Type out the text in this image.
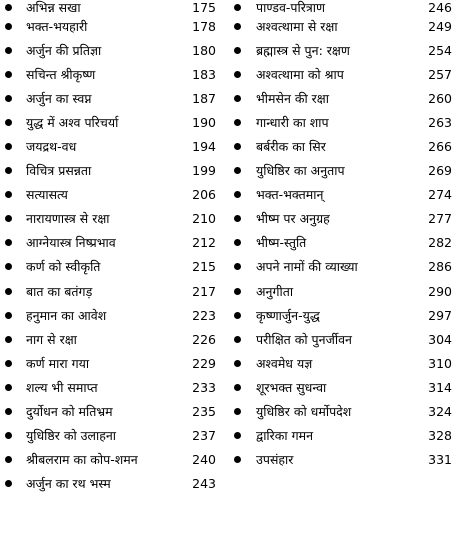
अभिन्न सखा	175
भक्त-भयहारी	178
अर्जुन की प्रतिज्ञा	180
सचिन्त श्रीकृष्ण	183
अर्जुन का स्वप्न	187
युद्ध में अश्व परिचर्या	190
जयद्रथ-वध	194
विचित्र प्रसन्नता	199
सत्यासत्य	206
नारायणास्त्र से रक्षा	210
आग्नेयास्त्र निष्प्रभाव	212
कर्ण को स्वीकृति	215
बात का बतंगड़	217
हनुमान का आवेश	223
नाग से रक्षा	226
कर्ण मारा गया	229
शल्य भी समाप्त	233
दुर्योधन को मतिभ्रम	235
युधिष्ठिर को उलाहना	237
श्रीबलराम का कोप-शमन	240
अर्जुन का रथ भस्म	243
पाण्डव-परित्राण	246
अश्वत्थामा से रक्षा	249
ब्रह्मास्त्र से पुन: रक्षण	254
अश्वत्थामा को श्राप	257
भीमसेन की रक्षा	260
गान्धारी का शाप	263
बर्बरीक का सिर	266
युधिष्ठिर का अनुताप	269
भक्त-भक्तमान्	274
भीष्म पर अनुग्रह	277
भीष्म-स्तुति	282
अपने नामों की व्याख्या	286
अनुगीता	290
कृष्णार्जुन-युद्ध	297
परीक्षित को पुनर्जीवन	304
अश्वमेध यज्ञ	310
शूरभक्त सुधन्वा	314
युधिष्ठिर को धर्मोपदेश	324
द्वारिका गमन	328
उपसंहार	331
